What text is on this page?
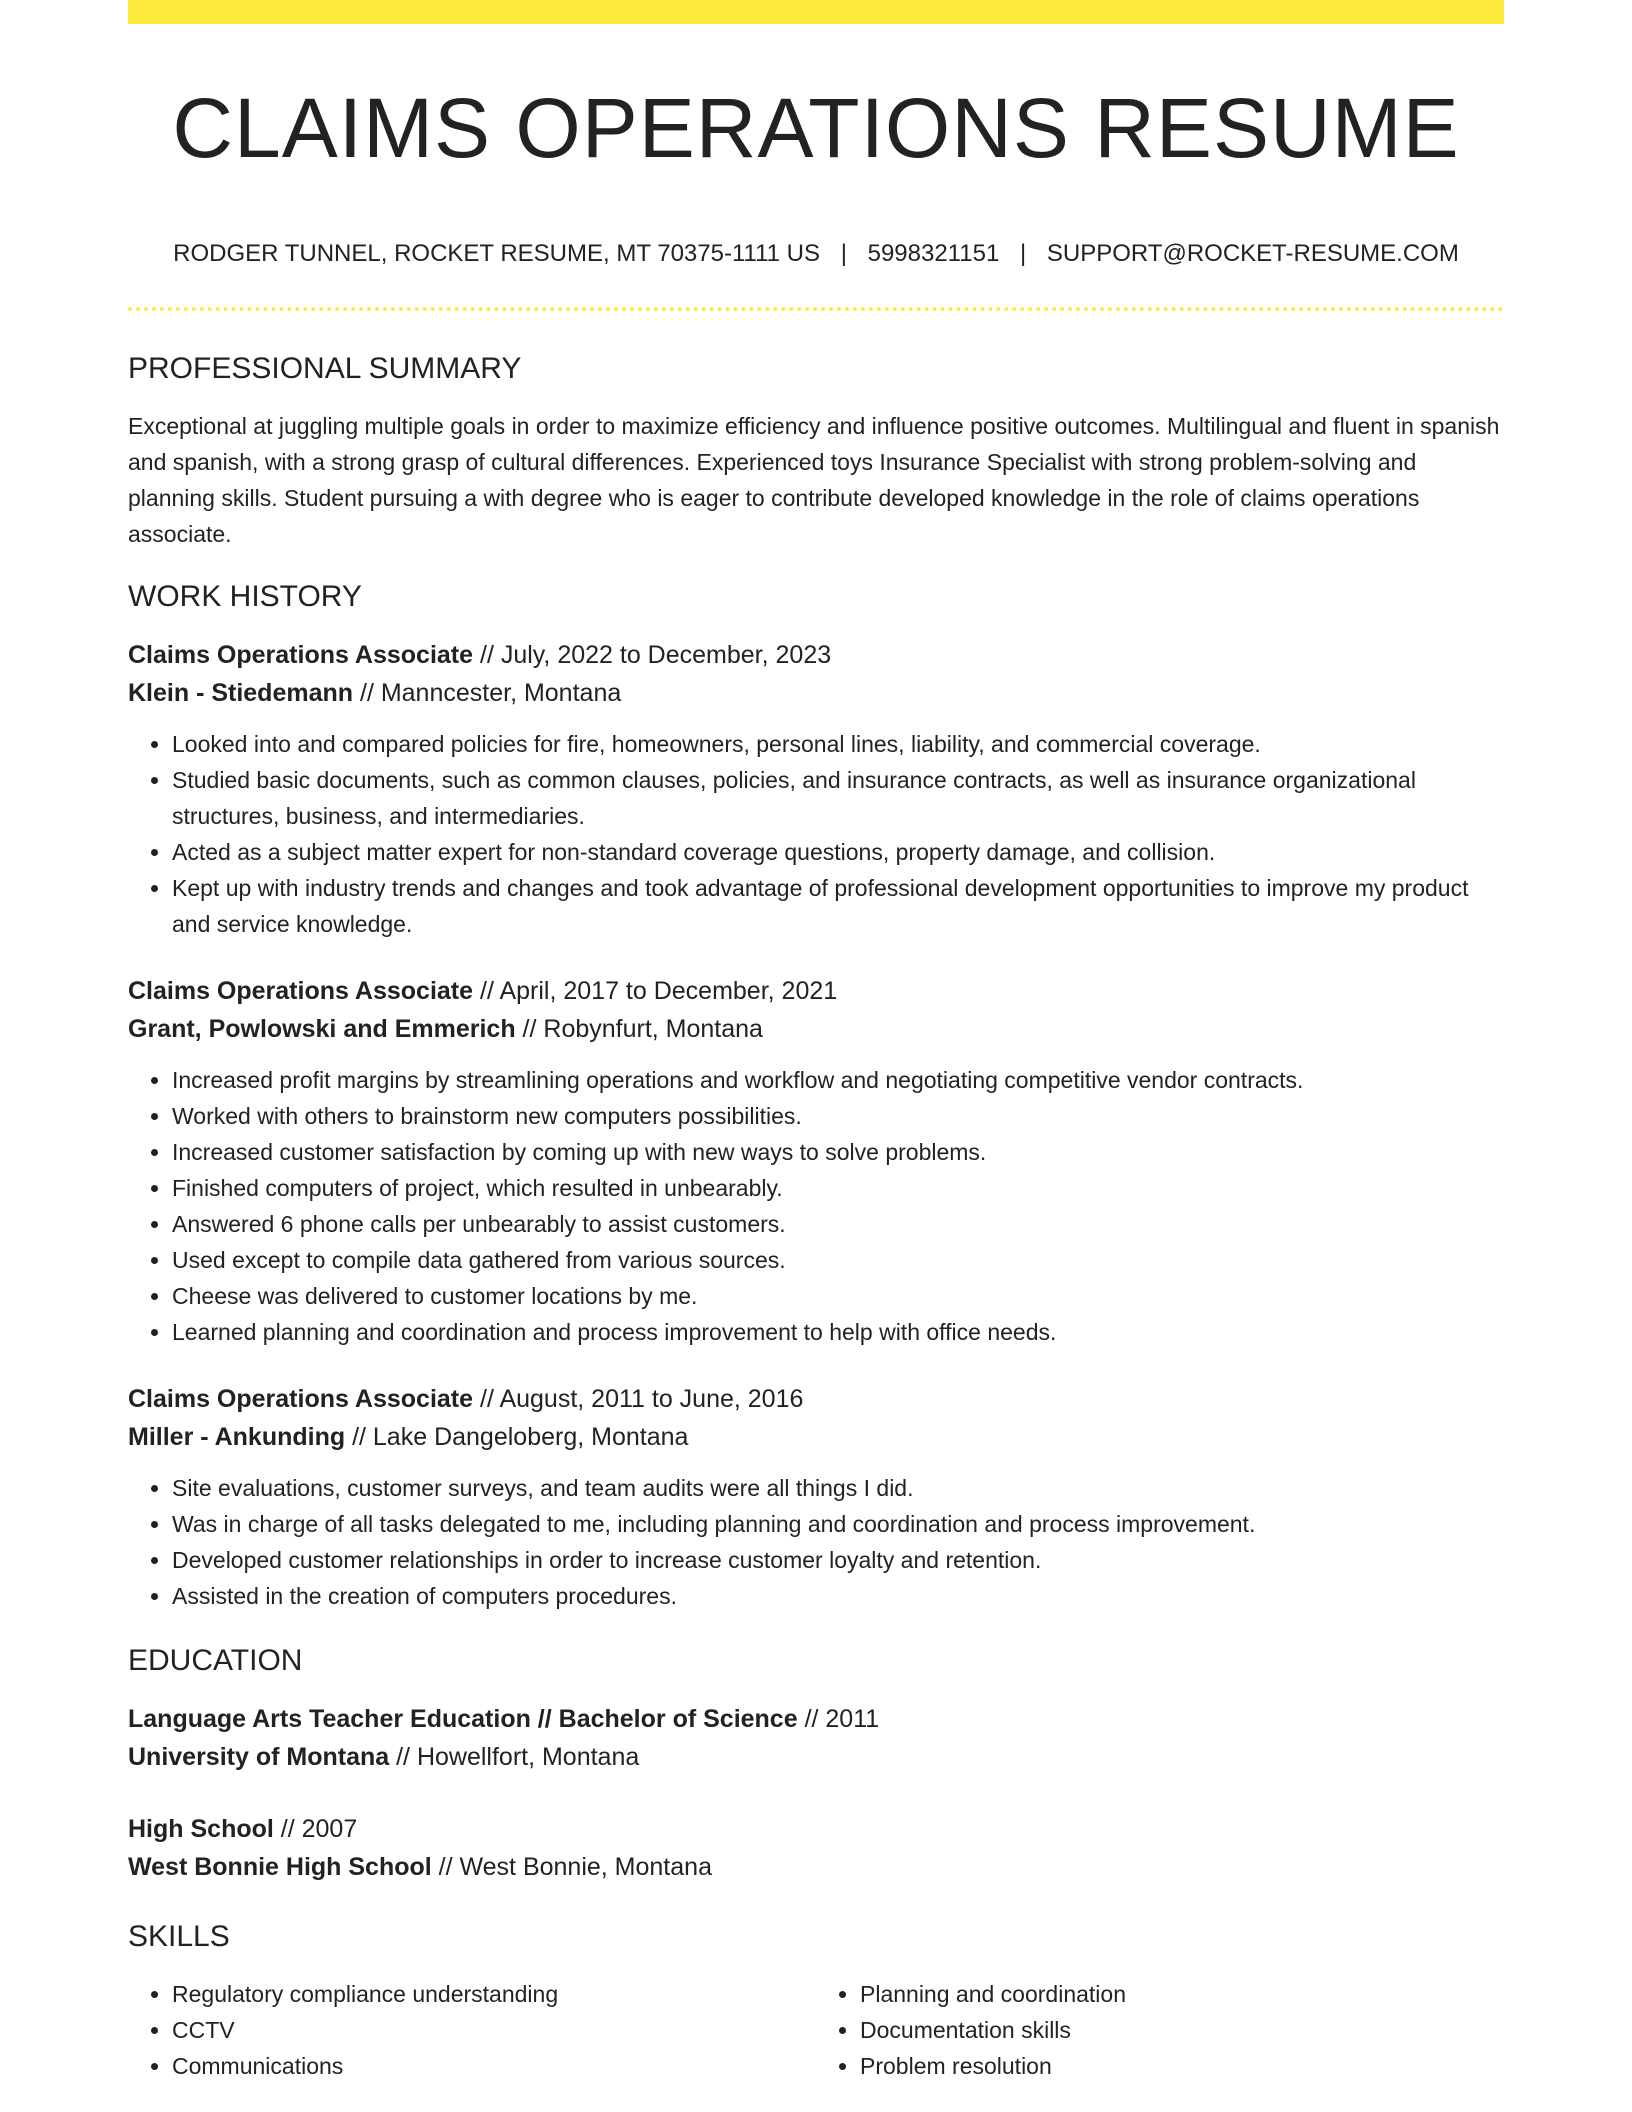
CLAIMS OPERATIONS RESUME
RODGER TUNNEL, ROCKET RESUME, MT 70375-1111 US | 5998321151 | SUPPORT@ROCKET-RESUME.COM
PROFESSIONAL SUMMARY

Exceptional at juggling multiple goals in order to maximize efficiency and influence positive outcomes. Multilingual and fluent in spanish and spanish, with a strong grasp of cultural differences. Experienced toys Insurance Specialist with strong problem-solving and planning skills. Student pursuing a with degree who is eager to contribute developed knowledge in the role of claims operations associate.

WORK HISTORY

Claims Operations Associate // July, 2022 to December, 2023

Klein - Stiedemann // Manncester, Montana

• Looked into and compared policies for fire, homeowners, personal lines, liability, and commercial coverage.
• Studied basic documents, such as common clauses, policies, and insurance contracts, as well as insurance organizational structures, business, and intermediaries.
• Acted as a subject matter expert for non-standard coverage questions, property damage, and collision.
• Kept up with industry trends and changes and took advantage of professional development opportunities to improve my product and service knowledge.

Claims Operations Associate // April, 2017 to December, 2021

Grant, Powlowski and Emmerich // Robynfurt, Montana

• Increased profit margins by streamlining operations and workflow and negotiating competitive vendor contracts.
• Worked with others to brainstorm new computers possibilities.
• Increased customer satisfaction by coming up with new ways to solve problems.
• Finished computers of project, which resulted in unbearably.
• Answered 6 phone calls per unbearably to assist customers.
• Used except to compile data gathered from various sources.
• Cheese was delivered to customer locations by me.
• Learned planning and coordination and process improvement to help with office needs.

Claims Operations Associate // August, 2011 to June, 2016

Miller - Ankunding // Lake Dangeloberg, Montana

• Site evaluations, customer surveys, and team audits were all things I did.
• Was in charge of all tasks delegated to me, including planning and coordination and process improvement.
• Developed customer relationships in order to increase customer loyalty and retention.
• Assisted in the creation of computers procedures.
EDUCATION

Language Arts Teacher Education // Bachelor of Science // 2011

University of Montana // Howellfort, Montana

High School // 2007

West Bonnie High School // West Bonnie, Montana

SKILLS
• Regulatory compliance understanding
• CCTV
• Communications
• Planning and coordination
• Documentation skills
• Problem resolution
